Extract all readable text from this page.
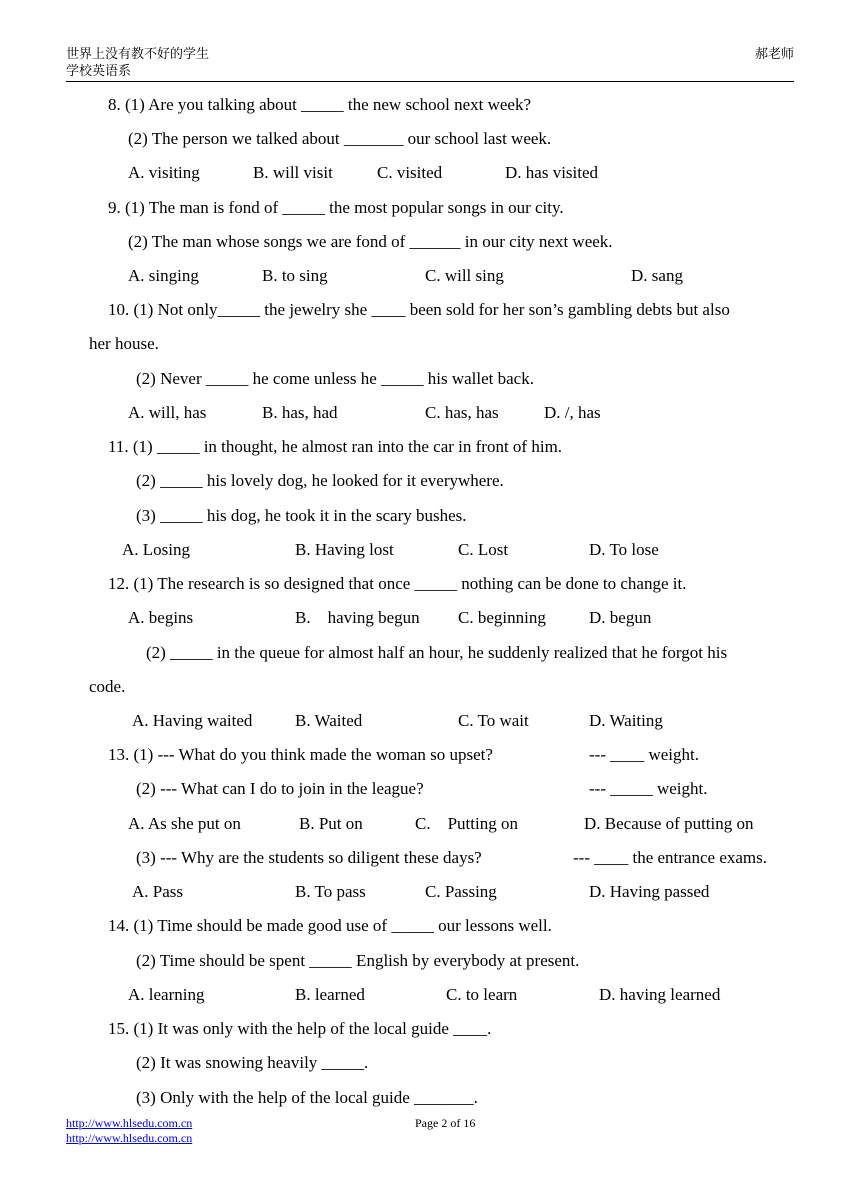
世界上没有教不好的学生
学校英语系
郝老师
8. (1) Are you talking about _____ the new school next week?
(2) The person we talked about _______ our school last week.
A. visiting	B. will visit	C. visited	D. has visited
9. (1) The man is fond of _____ the most popular songs in our city.
(2) The man whose songs we are fond of ______ in our city next week.
A. singing	B. to sing	C. will sing	D. sang
10. (1) Not only_____ the jewelry she ____ been sold for her son’s gambling debts but also
her house.
(2) Never _____ he come unless he _____ his wallet back.
A. will, has	B. has, had	C. has, has	D. /, has
11. (1) _____ in thought, he almost ran into the car in front of him.
(2) _____ his lovely dog, he looked for it everywhere.
(3) _____ his dog, he took it in the scary bushes.
A. Losing	B. Having lost	C. Lost	D. To lose
12. (1) The research is so designed that once _____ nothing can be done to change it.
A. begins	B.    having begun C. beginning	D. begun
(2) _____ in the queue for almost half an hour, he suddenly realized that he forgot his
code.
A. Having waited	B. Waited	C. To wait	D. Waiting
13. (1) --- What do you think made the woman so upset?	--- ____ weight.
(2) --- What can I do to join in the league?	--- _____ weight.
A. As she put on	B. Put on	C.    Putting on	D. Because of putting on
(3) --- Why are the students so diligent these days?	--- ____ the entrance exams.
A. Pass	B. To pass	C. Passing	D. Having passed
14. (1) Time should be made good use of _____ our lessons well.
(2) Time should be spent _____ English by everybody at present.
A. learning	B. learned	C. to learn	D. having learned
15. (1) It was only with the help of the local guide ____.
(2) It was snowing heavily _____.
(3) Only with the help of the local guide _______.
http://www.hlsedu.com.cn
http://www.hlsedu.com.cn
Page 2 of 16
